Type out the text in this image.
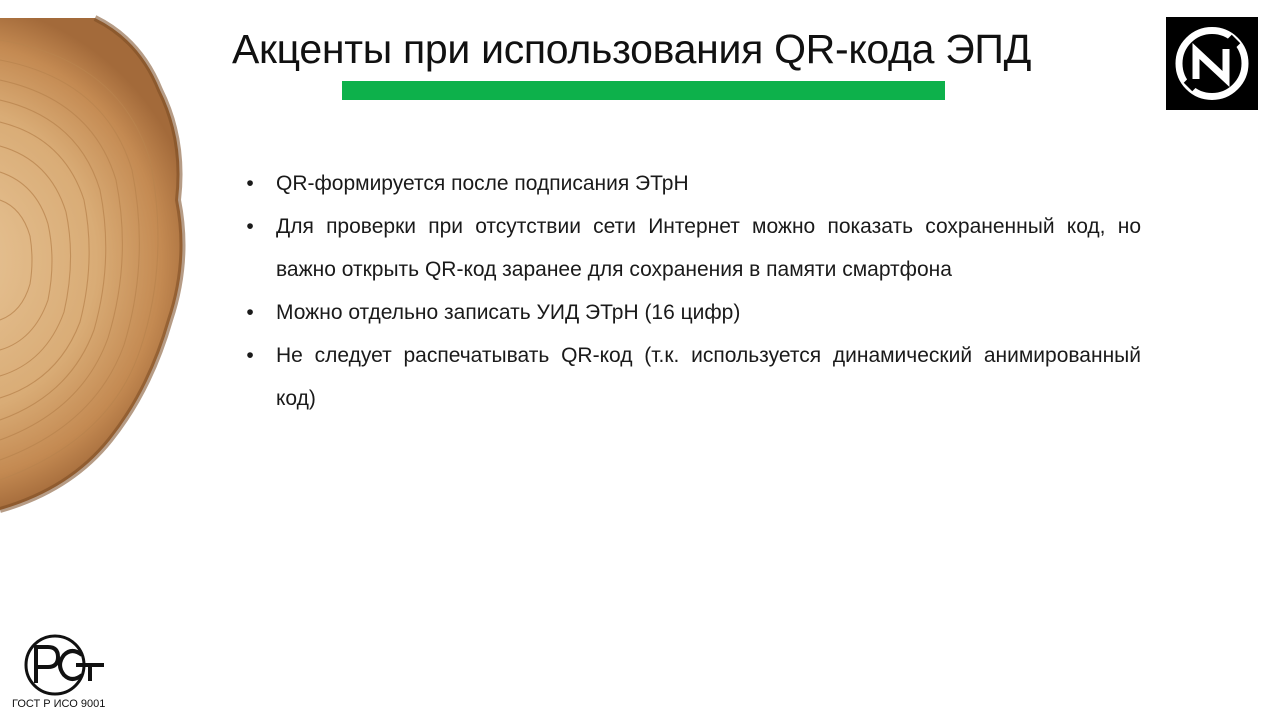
Акценты при использования QR-кода ЭПД
• QR-формируется после подписания ЭТрН
• Для проверки при отсутствии сети Интернет можно показать сохраненный код, но важно открыть QR-код заранее для сохранения в памяти смартфона
• Можно отдельно записать УИД ЭТрН (16 цифр)
• Не следует распечатывать QR-код (т.к. используется динамический анимированный код)
ГОСТ Р ИСО 9001
